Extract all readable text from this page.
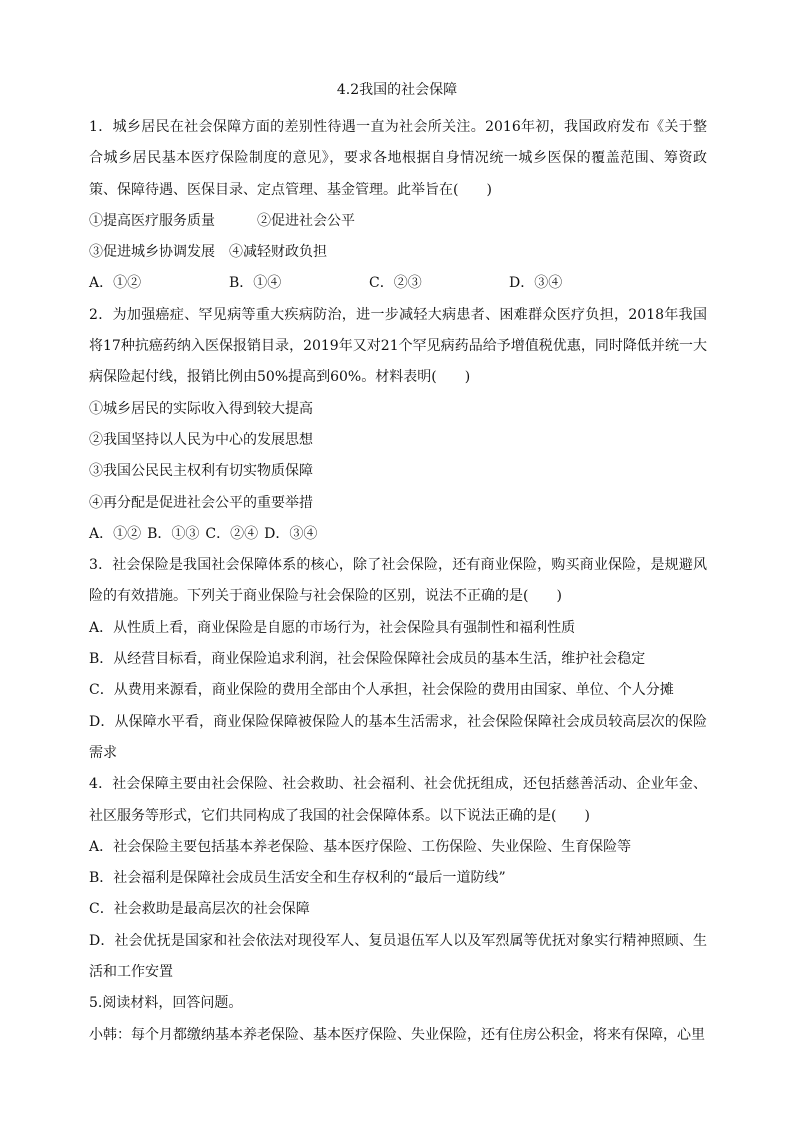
4.2我国的社会保障

1．城乡居民在社会保障方面的差别性待遇一直为社会所关注。2016年初，我国政府发布《关于整合城乡居民基本医疗保险制度的意见》，要求各地根据自身情况统一城乡医保的覆盖范围、筹资政策、保障待遇、医保目录、定点管理、基金管理。此举旨在(　　)

①提高医疗服务质量　　　②促进社会公平

③促进城乡协调发展　④减轻财政负担

A．①②	B．①④	C．②③	D．③④

2．为加强癌症、罕见病等重大疾病防治，进一步减轻大病患者、困难群众医疗负担，2018年我国将17种抗癌药纳入医保报销目录，2019年又对21个罕见病药品给予增值税优惠，同时降低并统一大病保险起付线，报销比例由50%提高到60%。材料表明(　　)

①城乡居民的实际收入得到较大提高

②我国坚持以人民为中心的发展思想

③我国公民民主权利有切实物质保障

④再分配是促进社会公平的重要举措

A．①② B．①③ C．②④ D．③④

3．社会保险是我国社会保障体系的核心，除了社会保险，还有商业保险，购买商业保险，是规避风险的有效措施。下列关于商业保险与社会保险的区别，说法不正确的是(　　)

A．从性质上看，商业保险是自愿的市场行为，社会保险具有强制性和福利性质

B．从经营目标看，商业保险追求利润，社会保险保障社会成员的基本生活，维护社会稳定

C．从费用来源看，商业保险的费用全部由个人承担，社会保险的费用由国家、单位、个人分摊

D．从保障水平看，商业保险保障被保险人的基本生活需求，社会保险保障社会成员较高层次的保险需求

4．社会保障主要由社会保险、社会救助、社会福利、社会优抚组成，还包括慈善活动、企业年金、社区服务等形式，它们共同构成了我国的社会保障体系。以下说法正确的是(　　)

A．社会保险主要包括基本养老保险、基本医疗保险、工伤保险、失业保险、生育保险等

B．社会福利是保障社会成员生活安全和生存权利的“最后一道防线”

C．社会救助是最高层次的社会保障

D．社会优抚是国家和社会依法对现役军人、复员退伍军人以及军烈属等优抚对象实行精神照顾、生活和工作安置

5.阅读材料，回答问题。

小韩：每个月都缴纳基本养老保险、基本医疗保险、失业保险，还有住房公积金，将来有保障，心里
